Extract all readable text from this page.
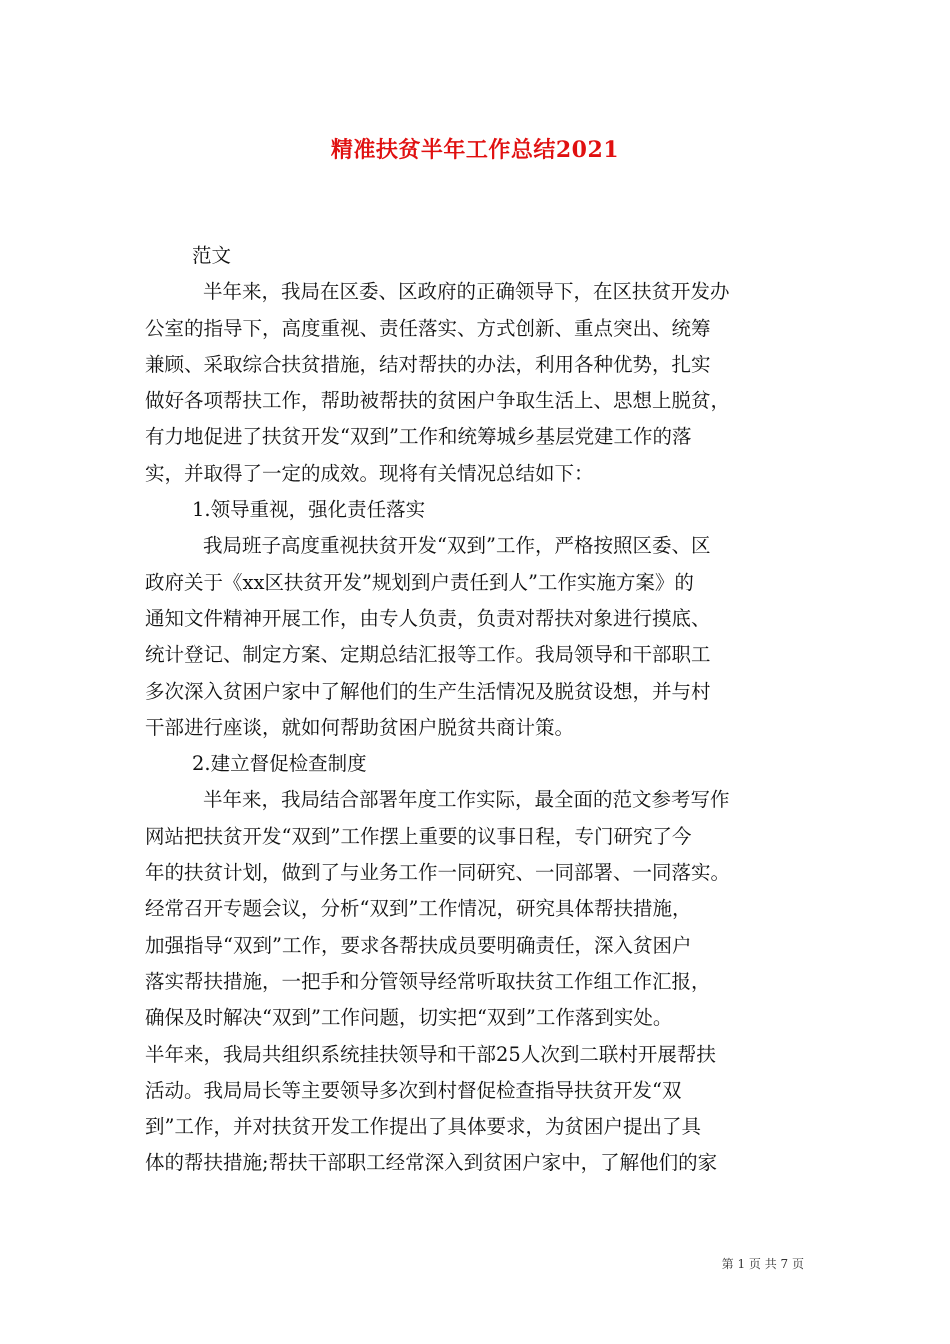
精准扶贫半年工作总结2021
范文
半年来，我局在区委、区政府的正确领导下，在区扶贫开发办
公室的指导下，高度重视、责任落实、方式创新、重点突出、统筹
兼顾、采取综合扶贫措施，结对帮扶的办法，利用各种优势，扎实
做好各项帮扶工作，帮助被帮扶的贫困户争取生活上、思想上脱贫，
有力地促进了扶贫开发“双到”工作和统筹城乡基层党建工作的落
实，并取得了一定的成效。现将有关情况总结如下：
1.领导重视，强化责任落实
我局班子高度重视扶贫开发“双到”工作，严格按照区委、区
政府关于《xx区扶贫开发”规划到户责任到人”工作实施方案》的
通知文件精神开展工作，由专人负责，负责对帮扶对象进行摸底、
统计登记、制定方案、定期总结汇报等工作。我局领导和干部职工
多次深入贫困户家中了解他们的生产生活情况及脱贫设想，并与村
干部进行座谈，就如何帮助贫困户脱贫共商计策。
2.建立督促检查制度
半年来，我局结合部署年度工作实际，最全面的范文参考写作
网站把扶贫开发“双到”工作摆上重要的议事日程，专门研究了今
年的扶贫计划，做到了与业务工作一同研究、一同部署、一同落实。
经常召开专题会议，分析“双到”工作情况，研究具体帮扶措施，
加强指导“双到”工作，要求各帮扶成员要明确责任，深入贫困户
落实帮扶措施，一把手和分管领导经常听取扶贫工作组工作汇报，
确保及时解决“双到”工作问题，切实把“双到”工作落到实处。
半年来，我局共组织系统挂扶领导和干部25人次到二联村开展帮扶
活动。我局局长等主要领导多次到村督促检查指导扶贫开发“双
到”工作，并对扶贫开发工作提出了具体要求，为贫困户提出了具
体的帮扶措施;帮扶干部职工经常深入到贫困户家中，了解他们的家
第 1 页 共 7 页
